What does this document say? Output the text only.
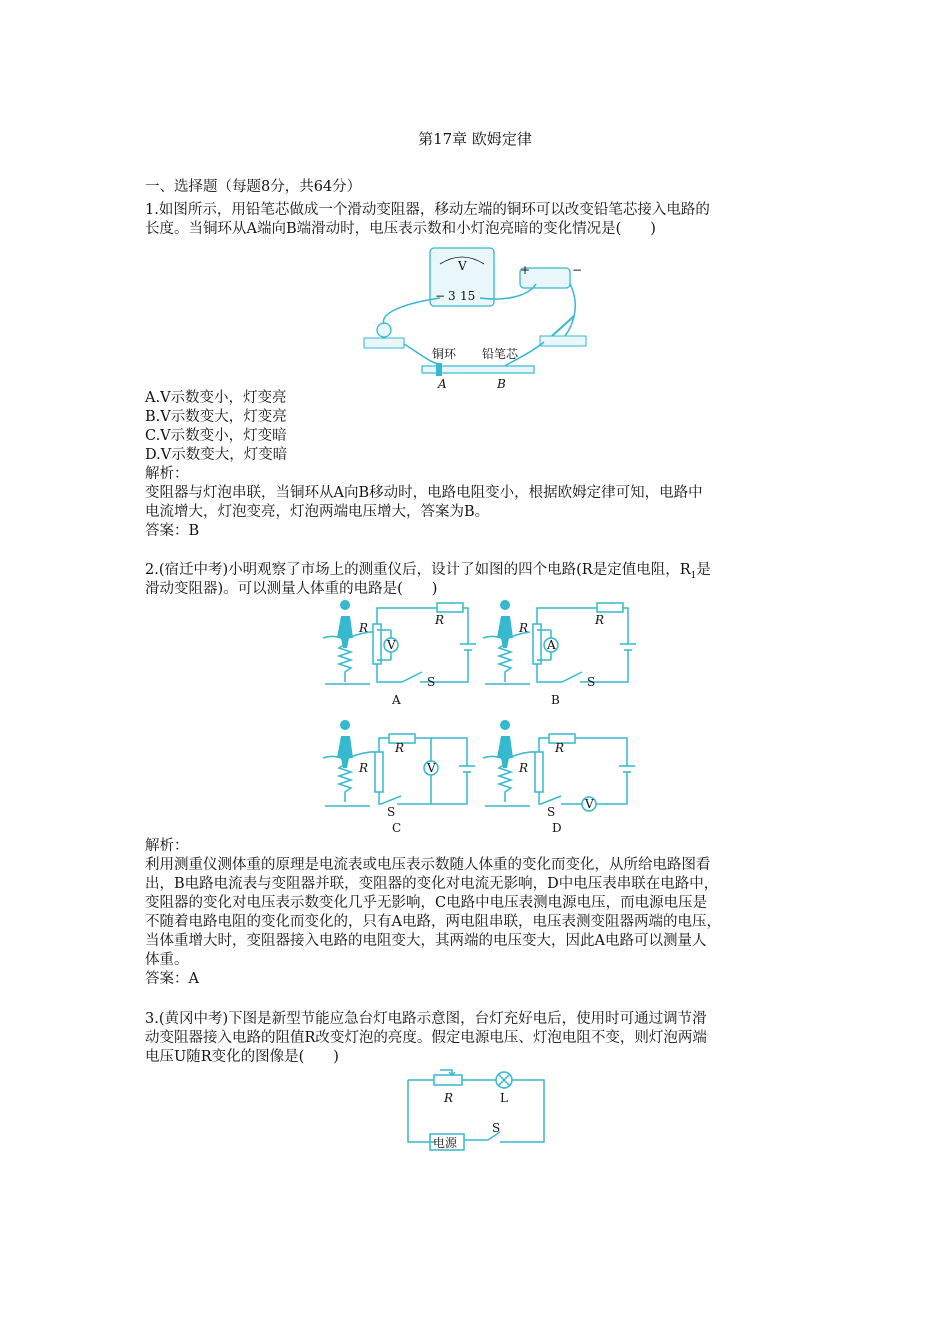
第17章 欧姆定律
一、选择题（每题8分，共64分）
1.如图所示，用铅笔芯做成一个滑动变阻器，移动左端的铜环可以改变铅笔芯接入电路的
长度。当铜环从A端向B端滑动时，电压表示数和小灯泡亮暗的变化情况是(　　)
V
− 3 15
+	−
铜环 铅笔芯
A	B
A.V示数变小，灯变亮
B.V示数变大，灯变亮
C.V示数变小，灯变暗
D.V示数变大，灯变暗
解析：
变阻器与灯泡串联，当铜环从A向B移动时，电路电阻变小，根据欧姆定律可知，电路中
电流增大，灯泡变亮，灯泡两端电压增大，答案为B。
答案：B
2.(宿迁中考)小明观察了市场上的测重仪后，设计了如图的四个电路(R是定值电阻，$R_1$是
滑动变阻器)。可以测量人体重的电路是(　　)
V
R
R
S
A
A
R
R
S
B
V
R
R
S
C
V
R
R
S
D
解析：
利用测重仪测体重的原理是电流表或电压表示数随人体重的变化而变化，从所给电路图看
出，B电路电流表与变阻器并联，变阻器的变化对电流无影响，D中电压表串联在电路中，
变阻器的变化对电压表示数变化几乎无影响，C电路中电压表测电源电压，而电源电压是
不随着电路电阻的变化而变化的，只有A电路，两电阻串联，电压表测变阻器两端的电压，
当体重增大时，变阻器接入电路的电阻变大，其两端的电压变大，因此A电路可以测量人
体重。
答案：A
3.(黄冈中考)下图是新型节能应急台灯电路示意图，台灯充好电后，使用时可通过调节滑
动变阻器接入电路的阻值R改变灯泡的亮度。假定电源电压、灯泡电阻不变，则灯泡两端
电压U随R变化的图像是(　　)
电源
R	L
S
